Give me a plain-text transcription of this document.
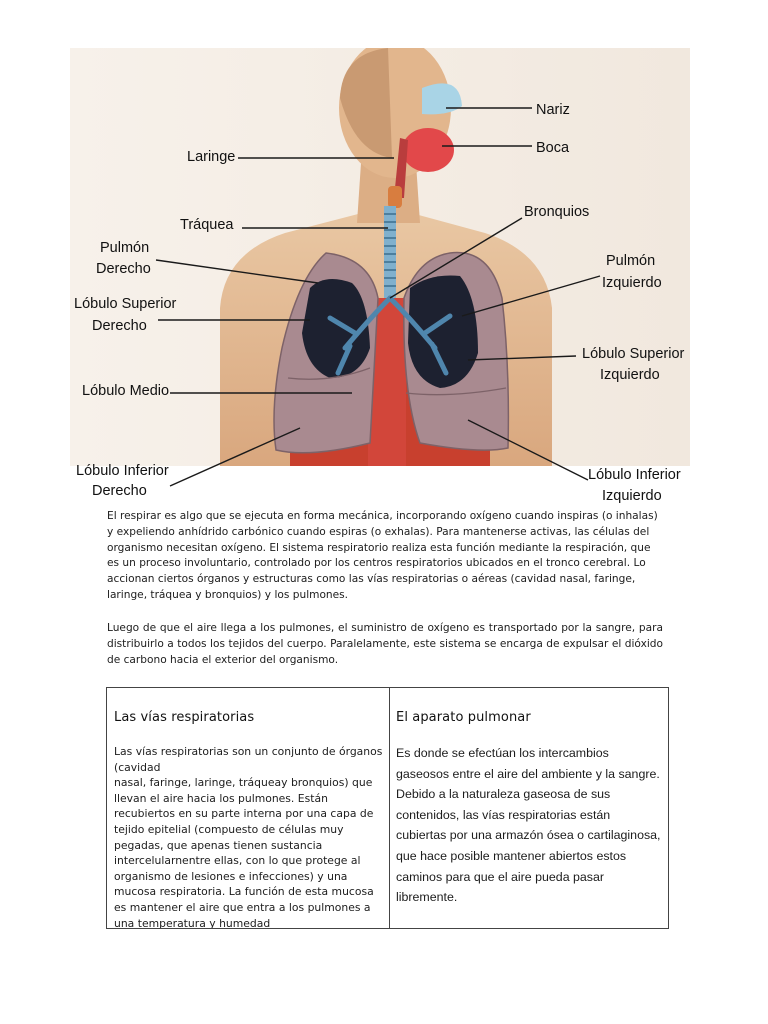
Nariz
Boca
Laringe
Tráquea
Bronquios
Pulmón
Derecho	Pulmón
Izquierdo
Lóbulo Superior
Derecho
Lóbulo Superior
Izquierdo
Lóbulo Medio
Lóbulo Inferior
Derecho
Lóbulo Inferior
Izquierdo

El respirar es algo que se ejecuta en forma mecánica, incorporando oxígeno cuando inspiras (o inhalas) y expeliendo anhídrido carbónico cuando espiras (o exhalas). Para mantenerse activas, las células del organismo necesitan oxígeno. El sistema respiratorio realiza esta función mediante la respiración, que es un proceso involuntario, controlado por los centros respiratorios ubicados en el tronco cerebral. Lo accionan ciertos órganos y estructuras como las vías respiratorias o aéreas (cavidad nasal, faringe, laringe, tráquea y bronquios) y los pulmones.

Luego de que el aire llega a los pulmones, el suministro de oxígeno es transportado por la sangre, para distribuirlo a todos los tejidos del cuerpo. Paralelamente, este sistema se encarga de expulsar el dióxido de carbono hacia el exterior del organismo.

Las vías respiratorias
Las vías respiratorias son un conjunto de órganos (cavidad
nasal, faringe, laringe, tráqueay bronquios) que llevan el aire hacia los pulmones. Están recubiertos en su parte interna por una capa de tejido epitelial (compuesto de células muy pegadas, que apenas tienen sustancia intercelularnentre ellas, con lo que protege al organismo de lesiones e infecciones) y una mucosa respiratoria. La función de esta mucosa es mantener el aire que entra a los pulmones a una temperatura y humedad
El aparato pulmonar
Es donde se efectúan los intercambios gaseosos entre el aire del ambiente y la sangre.
Debido a la naturaleza gaseosa de sus contenidos, las vías respiratorias están cubiertas por una armazón ósea o cartilaginosa, que hace posible mantener abiertos estos caminos para que el aire pueda pasar libremente.
